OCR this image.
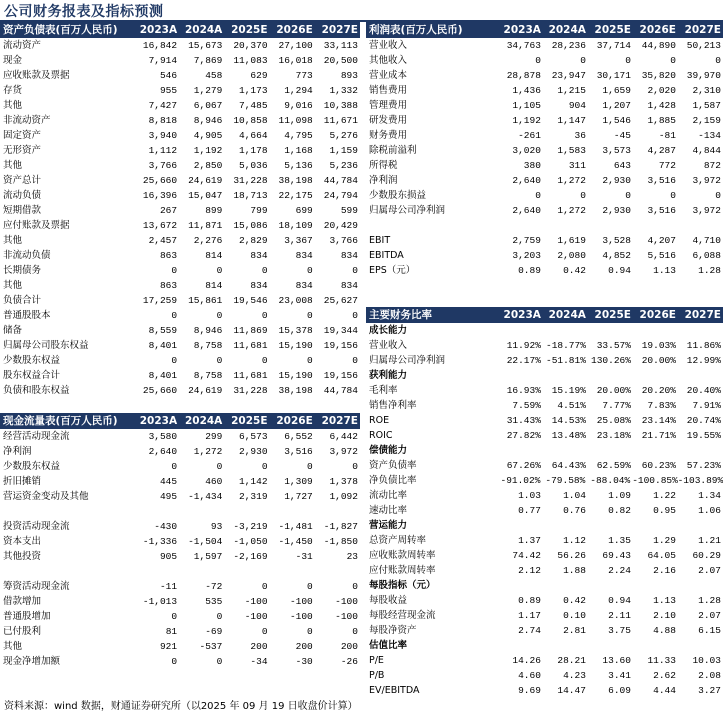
公司财务报表及指标预测
资产负债表(百万人民币)	2023A 2024A 2025E 2026E 2027E
流动资产	16,842	15,673	20,370	27,100	33,113
现金	7,914	7,869	11,083	16,018	20,500
应收账款及票据	546	458	629	773	893
存货	955	1,279	1,173	1,294	1,332
其他	7,427	6,067	7,485	9,016	10,388
非流动资产	8,818	8,946	10,858	11,098	11,671
固定资产	3,940	4,905	4,664	4,795	5,276
无形资产	1,112	1,192	1,178	1,168	1,159
其他	3,766	2,850	5,036	5,136	5,236
资产总计	25,660	24,619	31,228	38,198	44,784
流动负债	16,396	15,047	18,713	22,175	24,794
短期借款	267	899	799	699	599
应付账款及票据	13,672	11,871	15,086	18,109	20,429
其他	2,457	2,276	2,829	3,367	3,766
非流动负债	863	814	834	834	834
长期债务	0	0	0	0	0
其他	863	814	834	834	834
负债合计	17,259	15,861	19,546	23,008	25,627
普通股股本	0	0	0	0	0
储备	8,559	8,946	11,869	15,378	19,344
归属母公司股东权益	8,401	8,758	11,681	15,190	19,156
少数股东权益	0	0	0	0	0
股东权益合计	8,401	8,758	11,681	15,190	19,156
负债和股东权益	25,660	24,619	31,228	38,198	44,784
现金流量表(百万人民币)	2023A 2024A 2025E 2026E 2027E
经营活动现金流	3,580	299	6,573	6,552	6,442
净利润	2,640	1,272	2,930	3,516	3,972
少数股东权益	0	0	0	0	0
折旧摊销	445	460	1,142	1,309	1,378
营运资金变动及其他	495	-1,434	2,319	1,727	1,092
投资活动现金流	-430	93	-3,219	-1,481	-1,827
资本支出	-1,336	-1,504	-1,050	-1,450	-1,850
其他投资	905	1,597	-2,169	-31	23
筹资活动现金流	-11	-72	0	0	0
借款增加	-1,013	535	-100	-100	-100
普通股增加	0	0	-100	-100	-100
已付股利	81	-69	0	0	0
其他	921	-537	200	200	200
现金净增加额	0	0	-34	-30	-26
利润表(百万人民币)	2023A 2024A 2025E 2026E 2027E
营业收入	34,763	28,236	37,714	44,890	50,213
其他收入	0	0	0	0	0
营业成本	28,878	23,947	30,171	35,820	39,970
销售费用	1,436	1,215	1,659	2,020	2,310
管理费用	1,105	904	1,207	1,428	1,587
研发费用	1,192	1,147	1,546	1,885	2,159
财务费用	-261	36	-45	-81	-134
除税前溢利	3,020	1,583	3,573	4,287	4,844
所得税	380	311	643	772	872
净利润	2,640	1,272	2,930	3,516	3,972
少数股东损益	0	0	0	0	0
归属母公司净利润	2,640	1,272	2,930	3,516	3,972
EBIT	2,759	1,619	3,528	4,207	4,710
EBITDA	3,203	2,080	4,852	5,516	6,088
EPS（元）	0.89	0.42	0.94	1.13	1.28
主要财务比率	2023A 2024A 2025E 2026E 2027E
成长能力
营业收入	11.92% -18.77%	33.57%	19.03%	11.86%
归属母公司净利润	22.17% -51.81% 130.26%	20.00%	12.99%
获利能力
毛利率	16.93%	15.19%	20.00%	20.20%	20.40%
销售净利率	7.59%	4.51%	7.77%	7.83%	7.91%
ROE	31.43%	14.53%	25.08%	23.14%	20.74%
ROIC	27.82%	13.48%	23.18%	21.71%	19.55%
偿债能力
资产负债率	67.26%	64.43%	62.59%	60.23%	57.23%
净负债比率	-91.02% -79.58% -88.04% -100.85% -103.89%
流动比率	1.03	1.04	1.09	1.22	1.34
速动比率	0.77	0.76	0.82	0.95	1.06
营运能力
总资产周转率	1.37	1.12	1.35	1.29	1.21
应收账款周转率	74.42	56.26	69.43	64.05	60.29
应付账款周转率	2.12	1.88	2.24	2.16	2.07
每股指标（元）
每股收益	0.89	0.42	0.94	1.13	1.28
每股经营现金流	1.17	0.10	2.11	2.10	2.07
每股净资产	2.74	2.81	3.75	4.88	6.15
估值比率
P/E	14.26	28.21	13.60	11.33	10.03
P/B	4.60	4.23	3.41	2.62	2.08
EV/EBITDA	9.69	14.47	6.09	4.44	3.27
资料来源：wind 数据，财通证券研究所（以2025 年 09 月 19 日收盘价计算）
